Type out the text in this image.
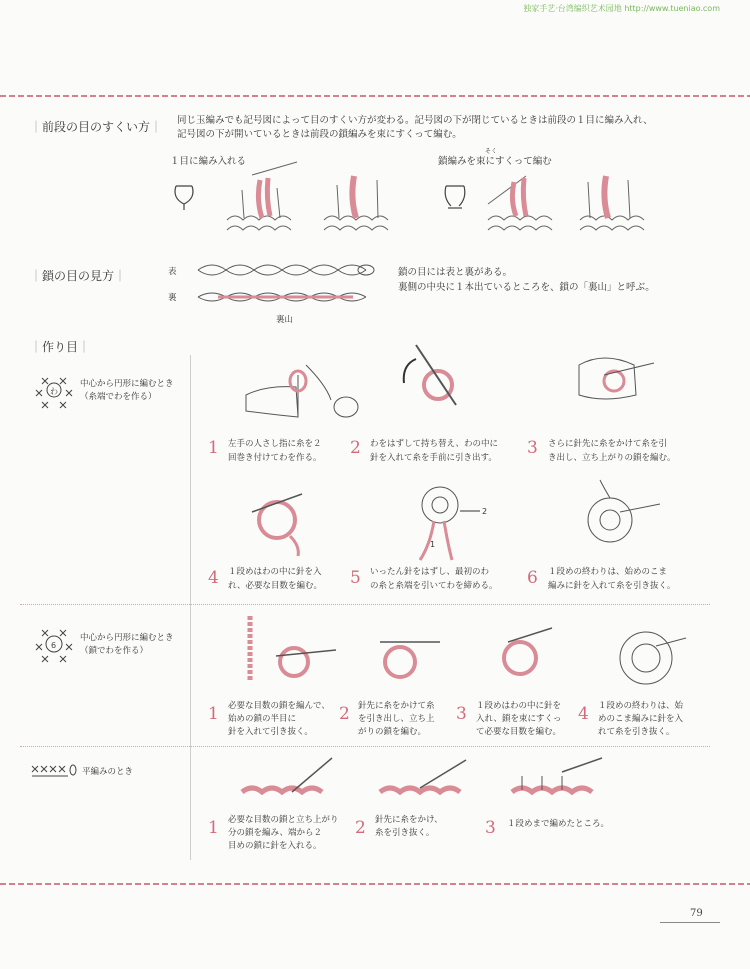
独家手艺·台湾编织艺术园地 http://www.tueniao.com
｜前段の目のすくい方｜ 同じ玉編みでも記号図によって目のすくい方が変わる。記号図の下が閉じているときは前段の１目に編み入れ、
記号図の下が開いているときは前段の鎖編みを束にすくって編む。
１目に編み入れる
そく
鎖編みを束にすくって編む
｜鎖の目の見方｜	表
裏
裏山
鎖の目には表と裏がある。
裏側の中央に１本出ているところを、鎖の「裏山」と呼ぶ。
｜作り目｜
わ
中心から円形に編むとき
（糸端でわを作る）
1 左手の人さし指に糸を２
回巻き付けてわを作る。 2 わをはずして持ち替え、わの中に
針を入れて糸を手前に引き出す。 3 さらに針先に糸をかけて糸を引
き出し、立ち上がりの鎖を編む。
2
1
4 １段めはわの中に針を入
れ、必要な目数を編む。 5 いったん針をはずし、最初のわ
の糸と糸端を引いてわを締める。 6 １段めの終わりは、始めのこま
編みに針を入れて糸を引き抜く。
6
中心から円形に編むとき
（鎖でわを作る）
1 必要な目数の鎖を編んで、
始めの鎖の半目に
針を入れて引き抜く。
2 針先に糸をかけて糸
を引き出し、立ち上
がりの鎖を編む。
3 １段めはわの中に針を
入れ、鎖を束にすくっ
て必要な目数を編む。
4 １段めの終わりは、始
めのこま編みに針を入
れて糸を引き抜く。
平編みのとき
1 必要な目数の鎖と立ち上がり
分の鎖を編み、端から２
目めの鎖に針を入れる。
2 針先に糸をかけ、
糸を引き抜く。	3 １段めまで編めたところ。
79
